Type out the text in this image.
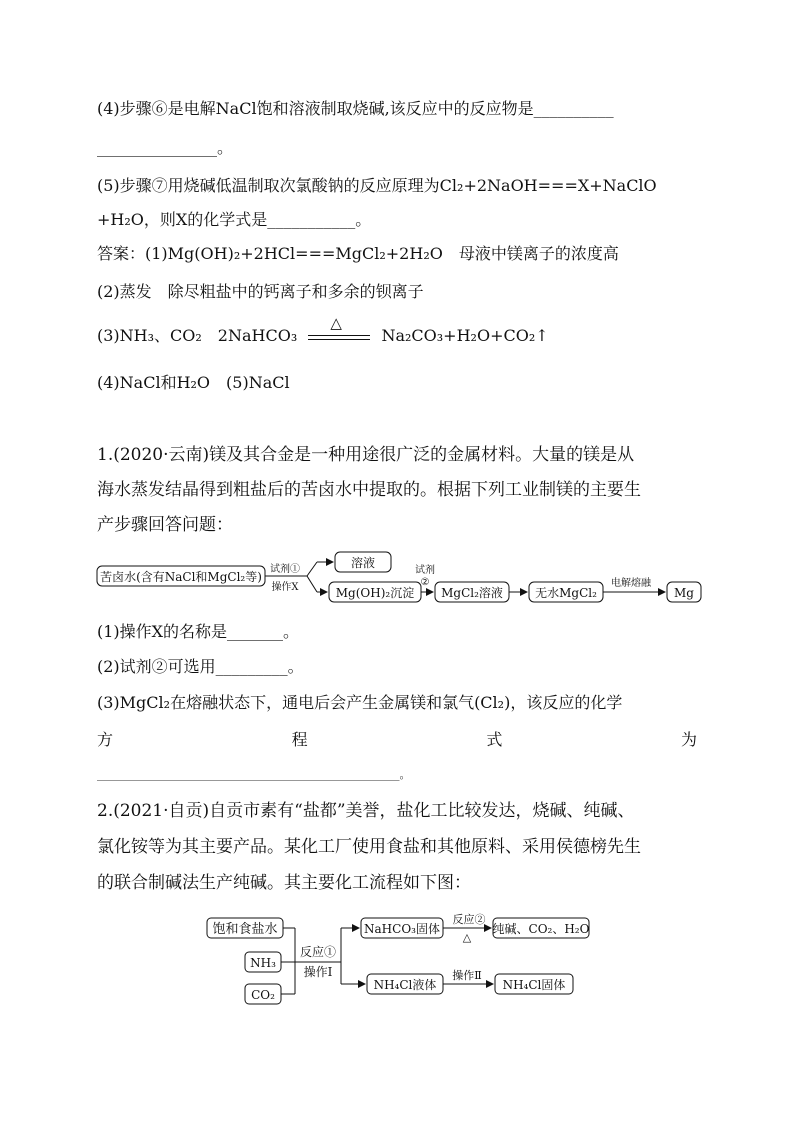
(4)步骤⑥是电解NaCl饱和溶液制取烧碱,该反应中的反应物是__________
_______________。
(5)步骤⑦用烧碱低温制取次氯酸钠的反应原理为Cl₂+2NaOH===X+NaClO
+H₂O，则X的化学式是___________。
答案：(1)Mg(OH)₂+2HCl===MgCl₂+2H₂O　母液中镁离子的浓度高
(2)蒸发　除尽粗盐中的钙离子和多余的钡离子
(3)NH₃、CO₂　2NaHCO₃
△
Na₂CO₃+H₂O+CO₂↑
(4)NaCl和H₂O　(5)NaCl
1.(2020·云南)镁及其合金是一种用途很广泛的金属材料。大量的镁是从
海水蒸发结晶得到粗盐后的苦卤水中提取的。根据下列工业制镁的主要生
产步骤回答问题：
苦卤水(含有NaCl和MgCl₂等)
试剂①
操作X
溶液
Mg(OH)₂沉淀
试剂
②
MgCl₂溶液	无水MgCl₂
电解熔融
Mg
(1)操作X的名称是_______。
(2)试剂②可选用_________。
(3)MgCl₂在熔融状态下，通电后会产生金属镁和氯气(Cl₂)，该反应的化学
方	程	式	为
_______________________________________________________。
2.(2021·自贡)自贡市素有“盐都”美誉，盐化工比较发达，烧碱、纯碱、
氯化铵等为其主要产品。某化工厂使用食盐和其他原料、采用侯德榜先生
的联合制碱法生产纯碱。其主要化工流程如下图：
饱和食盐水
NH₃
CO₂
反应①
操作Ⅰ
NaHCO₃固体
反应②
△
纯碱、CO₂、H₂O
NH₄Cl液体
操作Ⅱ
NH₄Cl固体
